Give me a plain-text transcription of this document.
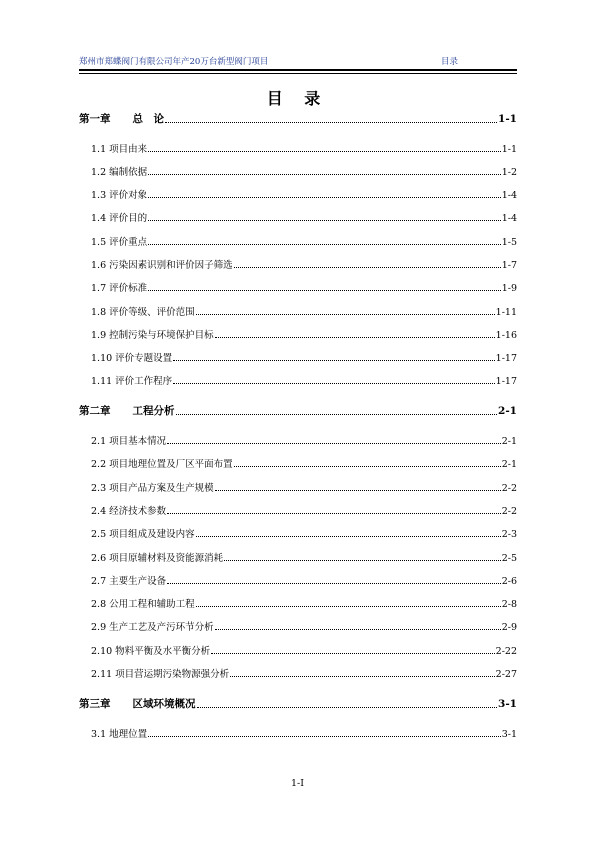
郑州市郑蝶阀门有限公司年产20万台新型阀门项目	目录
目 录
第一章 总　论	1-1
1.1 项目由来	1-1
1.2 编制依据	1-2
1.3 评价对象	1-4
1.4 评价目的	1-4
1.5 评价重点	1-5
1.6 污染因素识别和评价因子筛选	1-7
1.7 评价标准	1-9
1.8 评价等级、评价范围	1-11
1.9 控制污染与环境保护目标	1-16
1.10 评价专题设置	1-17
1.11 评价工作程序	1-17
第二章 工程分析	2-1
2.1 项目基本情况	2-1
2.2 项目地理位置及厂区平面布置	2-1
2.3 项目产品方案及生产规模	2-2
2.4 经济技术参数	2-2
2.5 项目组成及建设内容	2-3
2.6 项目原辅材料及资能源消耗	2-5
2.7 主要生产设备	2-6
2.8 公用工程和辅助工程	2-8
2.9 生产工艺及产污环节分析	2-9
2.10 物料平衡及水平衡分析	2-22
2.11 项目营运期污染物源强分析	2-27
第三章 区域环境概况	3-1
3.1 地理位置	3-1
1-I
